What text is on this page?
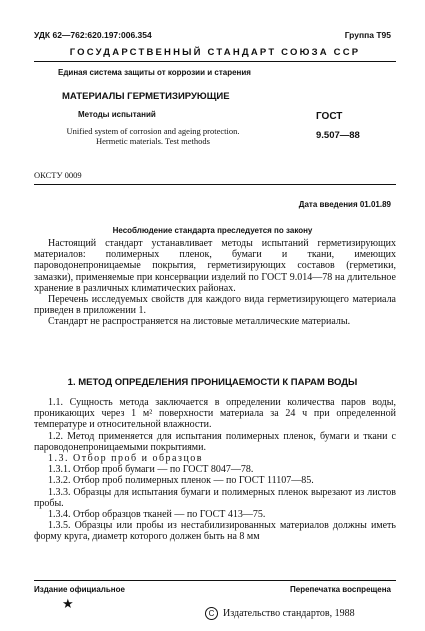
УДК 62—762:620.197:006.354	Группа Т95
ГОСУДАРСТВЕННЫЙ СТАНДАРТ СОЮЗА ССР
Единая система защиты от коррозии и старения
МАТЕРИАЛЫ ГЕРМЕТИЗИРУЮЩИЕ
Методы испытаний
Unified system of corrosion and ageing protection. Hermetic materials. Test methods
ГОСТ
9.507—88
ОКСТУ 0009
Дата введения 01.01.89
Несоблюдение стандарта преследуется по закону

Настоящий стандарт устанавливает методы испытаний герметизирующих материалов: полимерных пленок, бумаги и ткани, имеющих пароводонепроницаемые покрытия, герметизирующих составов (герметики, замазки), применяемые при консервации изделий по ГОСТ 9.014—78 на длительное хранение в различных климатических районах.

Перечень исследуемых свойств для каждого вида герметизирующего материала приведен в приложении 1.

Стандарт не распространяется на листовые металлические материалы.

1. МЕТОД ОПРЕДЕЛЕНИЯ ПРОНИЦАЕМОСТИ К ПАРАМ ВОДЫ

1.1. Сущность метода заключается в определении количества паров воды, проникающих через 1 м² поверхности материала за 24 ч при определенной температуре и относительной влажности.

1.2. Метод применяется для испытания полимерных пленок, бумаги и ткани с пароводонепроницаемыми покрытиями.

1.3. Отбор проб и образцов

1.3.1. Отбор проб бумаги — по ГОСТ 8047—78.

1.3.2. Отбор проб полимерных пленок — по ГОСТ 11107—85.

1.3.3. Образцы для испытания бумаги и полимерных пленок вырезают из листов пробы.

1.3.4. Отбор образцов тканей — по ГОСТ 413—75.

1.3.5. Образцы или пробы из нестабилизированных материалов должны иметь форму круга, диаметр которого должен быть на 8 мм

Издание официальное	Перепечатка воспрещена
★
C Издательство стандартов, 1988
